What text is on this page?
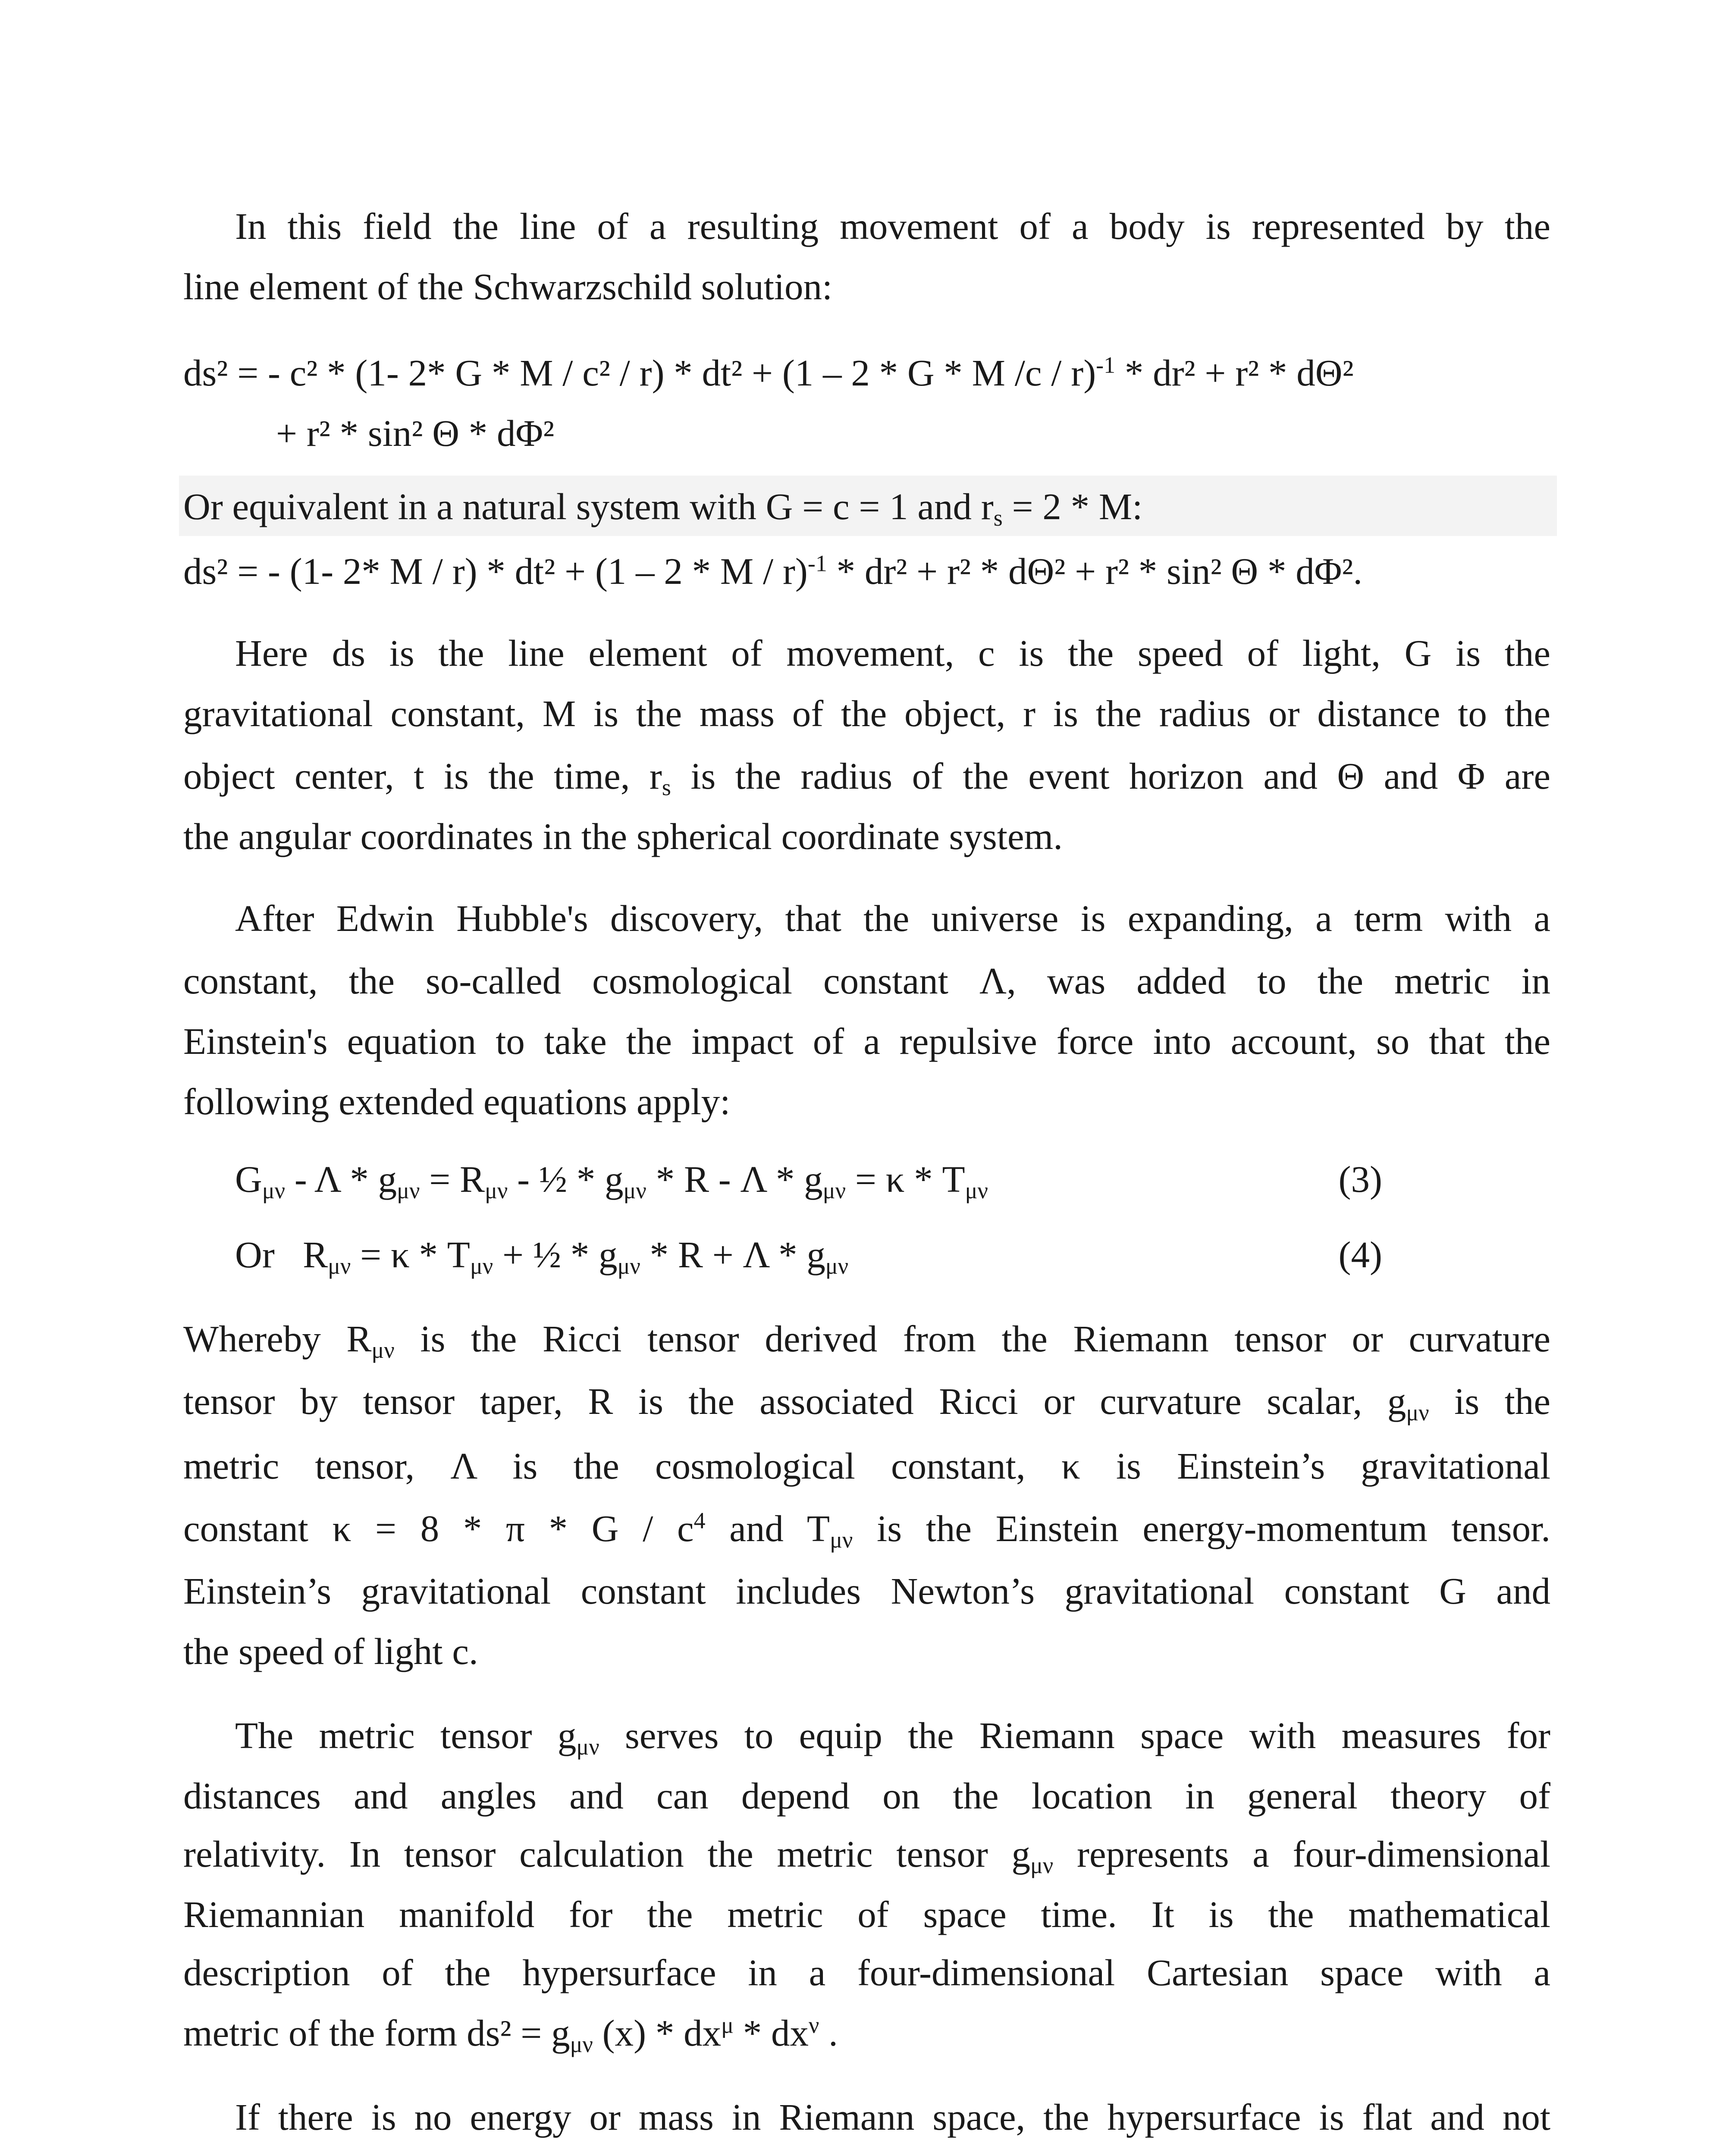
In this field the line of a resulting movement of a body is represented by the
line element of the Schwarzschild solution:
ds² = - c² * (1- 2* G * M / c² / r) * dt² + (1 – 2 * G * M /c / r)$^{-1}$ * dr² + r² * dΘ²
+ r² * sin² Θ * dΦ²
Or equivalent in a natural system with G = c = 1 and $r_s = 2 * M$:
ds² = - (1- 2* M / r) * dt² + (1 – 2 * M / r)$^{-1}$ * dr² + r² * dΘ² + r² * sin² Θ * dΦ².
Here ds is the line element of movement, c is the speed of light, G is the
gravitational constant, M is the mass of the object, r is the radius or distance to the
object center, t is the time, $r_s$ is the radius of the event horizon and Θ and Φ are
the angular coordinates in the spherical coordinate system.
After Edwin Hubble's discovery, that the universe is expanding, a term with a
constant, the so-called cosmological constant Λ, was added to the metric in
Einstein's equation to take the impact of a repulsive force into account, so that the
following extended equations apply:
$G_{\mu\nu} - \Lambda * g_{\mu\nu} = R_{\mu\nu}$ - ½ * $g_{\mu\nu} * R - \Lambda * g_{\mu\nu} = \kappa * T_{\mu\nu}$	(3)
Or $R_{\mu\nu} = \kappa * T_{\mu\nu}$ + ½ * $g_{\mu\nu} * R + \Lambda * g_{\mu\nu}$	(4)
Whereby $R_{\mu\nu}$ is the Ricci tensor derived from the Riemann tensor or curvature
tensor by tensor taper, R is the associated Ricci or curvature scalar, $g_{\mu\nu}$ is the
metric tensor, Λ is the cosmological constant, κ is Einstein’s gravitational
constant $\kappa = 8 * \pi * G / c^4$ and $T_{\mu\nu}$ is the Einstein energy-momentum tensor.
Einstein’s gravitational constant includes Newton’s gravitational constant G and
the speed of light c.
The metric tensor $g_{\mu\nu}$ serves to equip the Riemann space with measures for
distances and angles and can depend on the location in general theory of
relativity. In tensor calculation the metric tensor $g_{\mu\nu}$ represents a four-dimensional
Riemannian manifold for the metric of space time. It is the mathematical
description of the hypersurface in a four-dimensional Cartesian space with a
metric of the form $ds^2 = g_{\mu\nu}$ $(x) * dx^\mu * dx^\nu$ .
If there is no energy or mass in Riemann space, the hypersurface is flat and not
